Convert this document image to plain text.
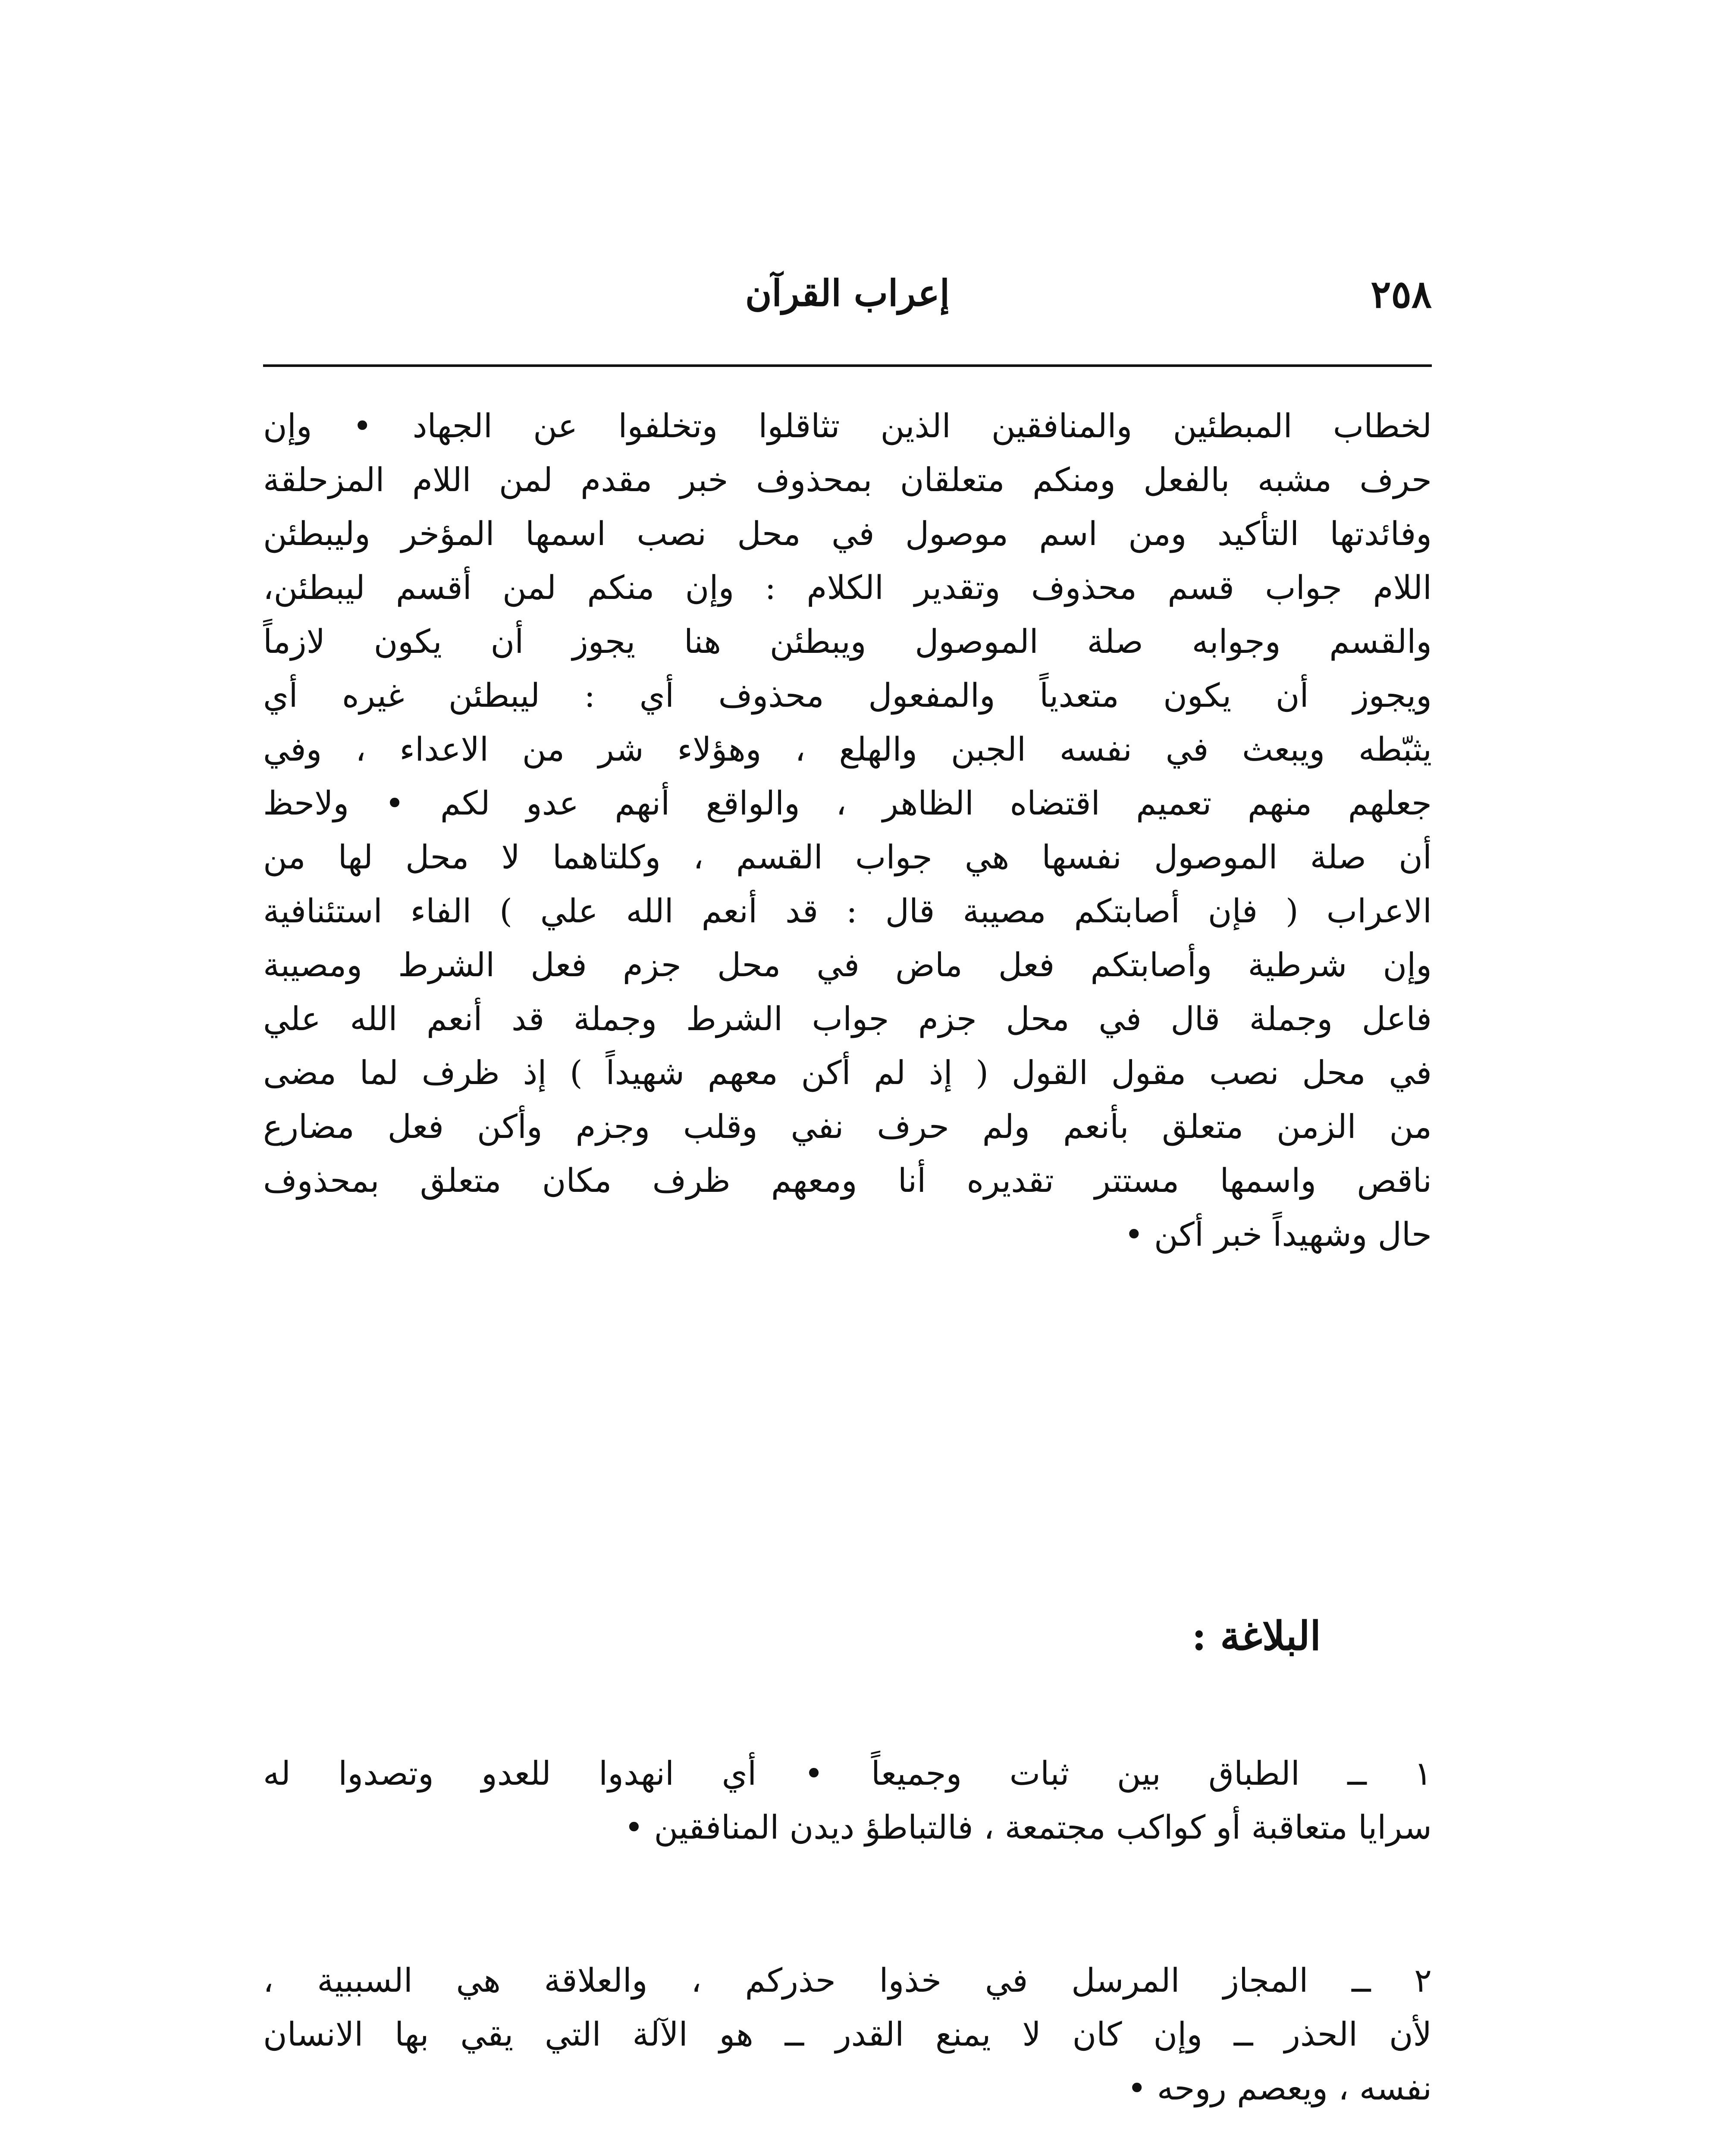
٢٥٨
إعراب القرآن
لخطاب المبطئين والمنافقين الذين تثاقلوا وتخلفوا عن الجهاد • وإن
حرف مشبه بالفعل ومنكم متعلقان بمحذوف خبر مقدم لمن اللام المزحلقة
وفائدتها التأكيد ومن اسم موصول في محل نصب اسمها المؤخر وليبطئن
اللام جواب قسم محذوف وتقدير الكلام : وإن منكم لمن أقسم ليبطئن،
والقسم وجوابه صلة الموصول ويبطئن هنا يجوز أن يكون لازماً
ويجوز أن يكون متعدياً والمفعول محذوف أي : ليبطئن غيره أي
يثبّطه ويبعث في نفسه الجبن والهلع ، وهؤلاء شر من الاعداء ، وفي
جعلهم منهم تعميم اقتضاه الظاهر ، والواقع أنهم عدو لكم • ولاحظ
أن صلة الموصول نفسها هي جواب القسم ، وكلتاهما لا محل لها من
الاعراب ( فإن أصابتكم مصيبة قال : قد أنعم الله علي ) الفاء استئنافية
وإن شرطية وأصابتكم فعل ماض في محل جزم فعل الشرط ومصيبة
فاعل وجملة قال في محل جزم جواب الشرط وجملة قد أنعم الله علي
في محل نصب مقول القول ( إذ لم أكن معهم شهيداً ) إذ ظرف لما مضى
من الزمن متعلق بأنعم ولم حرف نفي وقلب وجزم وأكن فعل مضارع
ناقص واسمها مستتر تقديره أنا ومعهم ظرف مكان متعلق بمحذوف
حال وشهيداً خبر أكن •
البلاغة :
١ ــ الطباق بين ثبات وجميعاً • أي انهدوا للعدو وتصدوا له
سرايا متعاقبة أو كواكب مجتمعة ، فالتباطؤ ديدن المنافقين •
٢ ــ المجاز المرسل في خذوا حذركم ، والعلاقة هي السببية ،
لأن الحذر ــ وإن كان لا يمنع القدر ــ هو الآلة التي يقي بها الانسان
نفسه ، ويعصم روحه •
